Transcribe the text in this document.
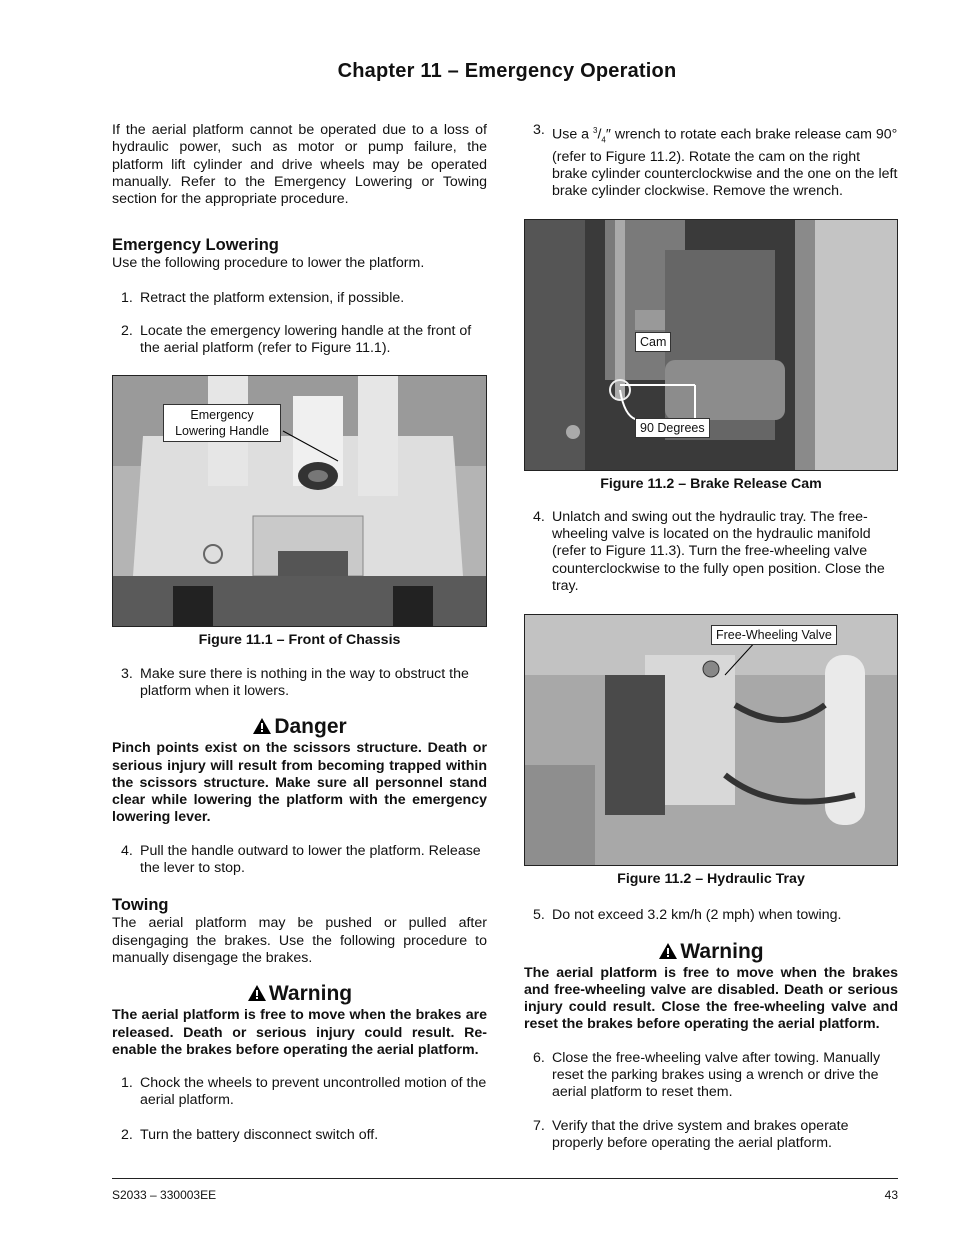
Chapter 11 – Emergency Operation

If the aerial platform cannot be operated due to a loss of hydraulic power, such as motor or pump failure, the platform lift cylinder and drive wheels may be operated manually. Refer to the Emergency Lowering or Towing section for the appropriate procedure.

Emergency Lowering

Use the following procedure to lower the platform.

1. Retract the platform extension, if possible.

2. Locate the emergency lowering handle at the front of the aerial platform (refer to Figure 11.1).

Emergency
Lowering Handle

Figure 11.1 – Front of Chassis

3. Make sure there is nothing in the way to obstruct the platform when it lowers.

Danger

Pinch points exist on the scissors structure. Death or serious injury will result from becoming trapped within the scissors structure. Make sure all personnel stand clear while lowering the platform with the emergency lowering lever.

4. Pull the handle outward to lower the platform. Release the lever to stop.

Towing

The aerial platform may be pushed or pulled after disengaging the brakes. Use the following procedure to manually disengage the brakes.

Warning

The aerial platform is free to move when the brakes are released. Death or serious injury could result. Re-enable the brakes before operating the aerial platform.

1. Chock the wheels to prevent uncontrolled motion of the aerial platform.

2. Turn the battery disconnect switch off.

3. Use a $^3/_4''$ wrench to rotate each brake release cam 90° (refer to Figure 11.2). Rotate the cam on the right brake cylinder counterclockwise and the one on the left brake cylinder clockwise. Remove the wrench.

Cam
90 Degrees

Figure 11.2 – Brake Release Cam

4. Unlatch and swing out the hydraulic tray. The free-wheeling valve is located on the hydraulic manifold (refer to Figure 11.3). Turn the free-wheeling valve counterclockwise to the fully open position. Close the tray.

Free-Wheeling Valve

Figure 11.2 – Hydraulic Tray

5. Do not exceed 3.2 km/h (2 mph) when towing.

Warning

The aerial platform is free to move when the brakes and free-wheeling valve are disabled. Death or serious injury could result. Close the free-wheeling valve and reset the brakes before operating the aerial platform.

6. Close the free-wheeling valve after towing. Manually reset the parking brakes using a wrench or drive the aerial platform to reset them.

7. Verify that the drive system and brakes operate properly before operating the aerial platform.

S2033 – 330003EE	43
